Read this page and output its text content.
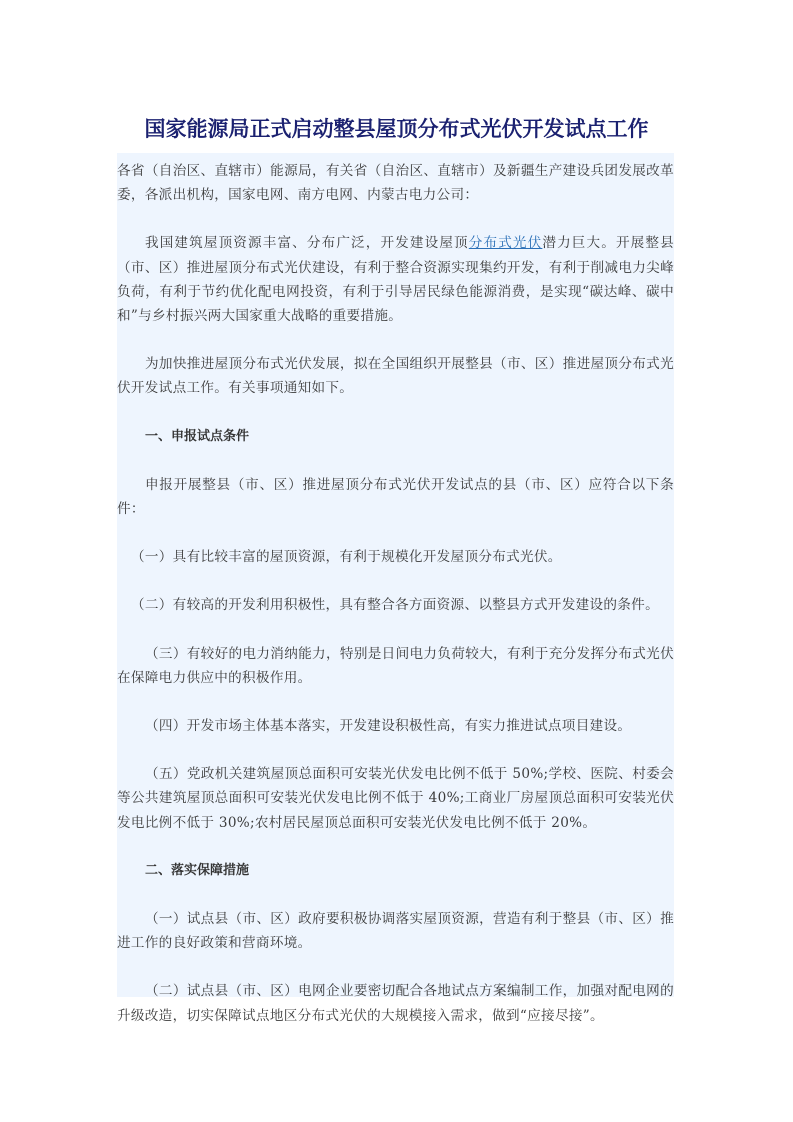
国家能源局正式启动整县屋顶分布式光伏开发试点工作

各省（自治区、直辖市）能源局，有关省（自治区、直辖市）及新疆生产建设兵团发展改革委，各派出机构，国家电网、南方电网、内蒙古电力公司：

我国建筑屋顶资源丰富、分布广泛，开发建设屋顶分布式光伏潜力巨大。开展整县（市、区）推进屋顶分布式光伏建设，有利于整合资源实现集约开发，有利于削减电力尖峰负荷，有利于节约优化配电网投资，有利于引导居民绿色能源消费，是实现“碳达峰、碳中和”与乡村振兴两大国家重大战略的重要措施。

为加快推进屋顶分布式光伏发展，拟在全国组织开展整县（市、区）推进屋顶分布式光伏开发试点工作。有关事项通知如下。

一、申报试点条件

申报开展整县（市、区）推进屋顶分布式光伏开发试点的县（市、区）应符合以下条件：

（一）具有比较丰富的屋顶资源，有利于规模化开发屋顶分布式光伏。

（二）有较高的开发利用积极性，具有整合各方面资源、以整县方式开发建设的条件。

（三）有较好的电力消纳能力，特别是日间电力负荷较大，有利于充分发挥分布式光伏在保障电力供应中的积极作用。

（四）开发市场主体基本落实，开发建设积极性高，有实力推进试点项目建设。

（五）党政机关建筑屋顶总面积可安装光伏发电比例不低于 50%;学校、医院、村委会等公共建筑屋顶总面积可安装光伏发电比例不低于 40%;工商业厂房屋顶总面积可安装光伏发电比例不低于 30%;农村居民屋顶总面积可安装光伏发电比例不低于 20%。

二、落实保障措施

（一）试点县（市、区）政府要积极协调落实屋顶资源，营造有利于整县（市、区）推进工作的良好政策和营商环境。

（二）试点县（市、区）电网企业要密切配合各地试点方案编制工作，加强对配电网的升级改造，切实保障试点地区分布式光伏的大规模接入需求，做到“应接尽接”。
